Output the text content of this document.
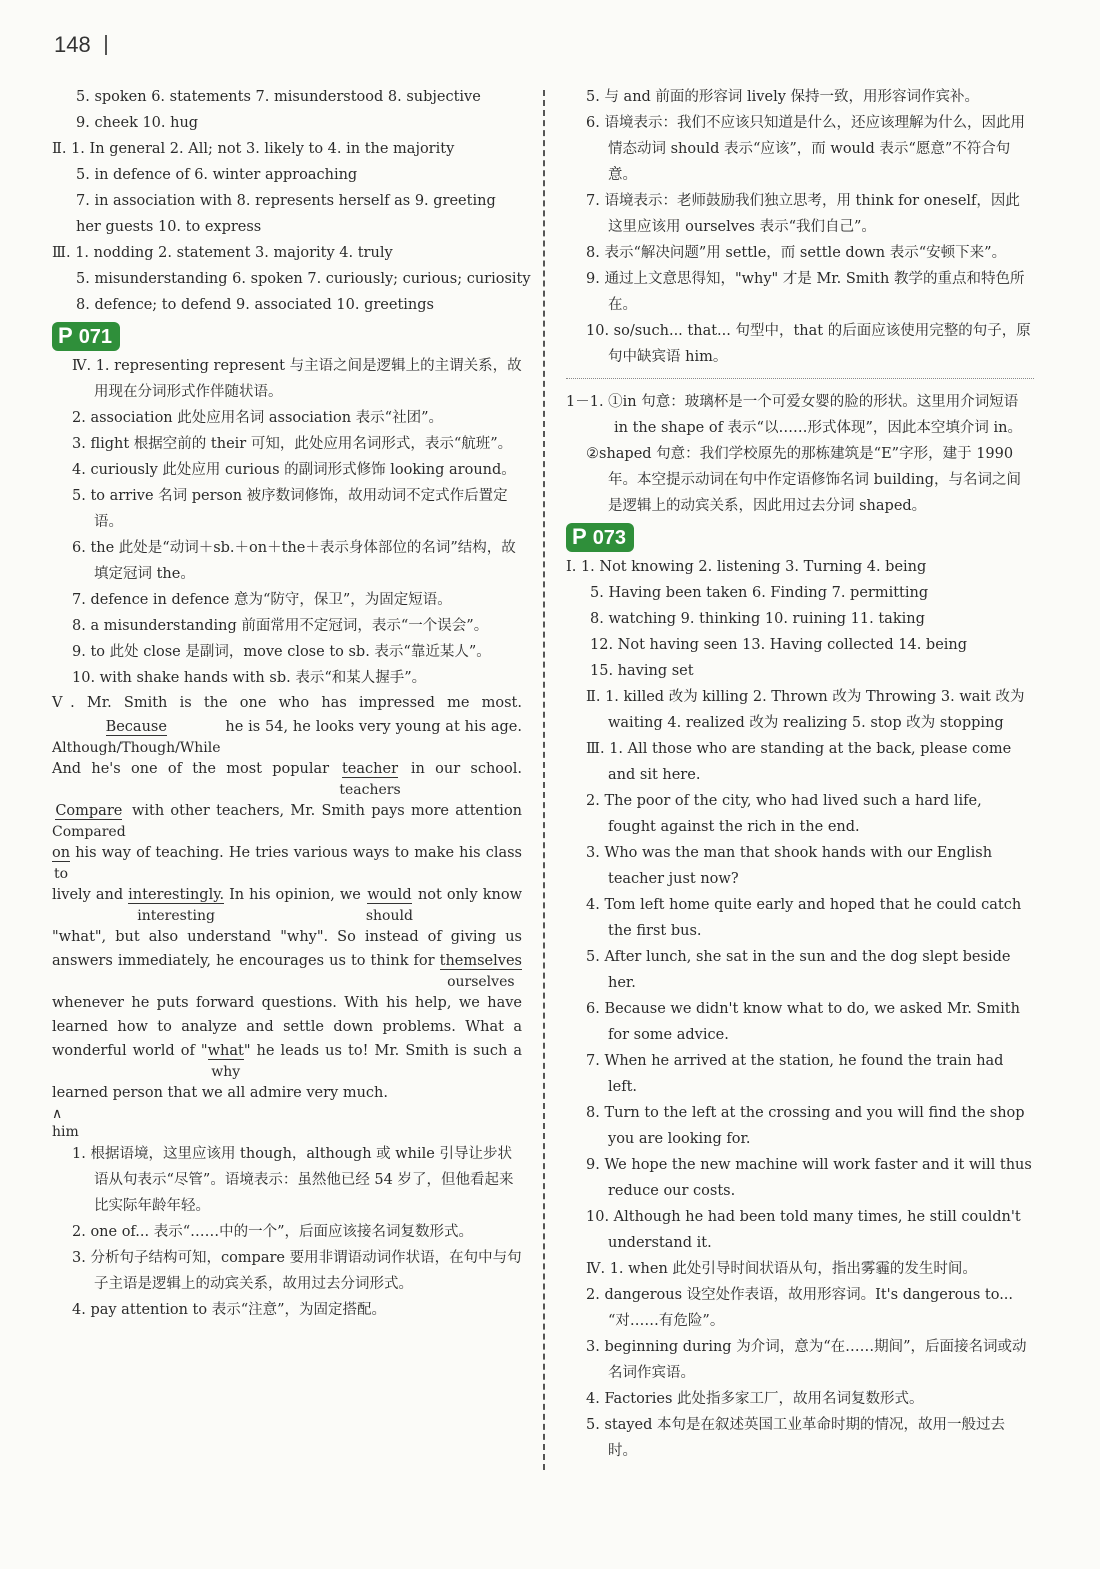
148
5. spoken 6. statements 7. misunderstood 8. subjective
9. cheek 10. hug
Ⅱ. 1. In general 2. All; not 3. likely to 4. in the majority
5. in defence of 6. winter approaching
7. in association with 8. represents herself as 9. greeting
her guests 10. to express
Ⅲ. 1. nodding 2. statement 3. majority 4. truly
5. misunderstanding 6. spoken 7. curiously; curious; curiosity
8. defence; to defend 9. associated 10. greetings
P 071
Ⅳ. 1. representing represent 与主语之间是逻辑上的主谓关系，故用现在分词形式作伴随状语。
2. association 此处应用名词 association 表示“社团”。
3. flight 根据空前的 their 可知，此处应用名词形式，表示“航班”。
4. curiously 此处应用 curious 的副词形式修饰 looking around。
5. to arrive 名词 person 被序数词修饰，故用动词不定式作后置定语。
6. the 此处是“动词＋sb.＋on＋the＋表示身体部位的名词”结构，故填定冠词 the。
7. defence in defence 意为“防守，保卫”，为固定短语。
8. a misunderstanding 前面常用不定冠词，表示“一个误会”。
9. to 此处 close 是副词，move close to sb. 表示“靠近某人”。
10. with shake hands with sb. 表示“和某人握手”。
Ⅴ. Mr. Smith is the one who has impressed me most. Because
Although/Though/While
he is 54, he looks very young at his age. And he's one of the most popular teacher
teachers
in our school. Compare
Compared
with other teachers, Mr. Smith pays more attention $\frac{on}{to}$ his way of teaching. He tries various ways to make his class lively and interestingly.
interesting
In his opinion, we would
should
not only know "what", but also understand "why". So instead of giving us answers immediately, he encourages us to think for themselves
ourselves
whenever he puts forward questions. With his help, we have learned how to analyze and settle down problems. What a wonderful world of "what
why
" he leads us to! Mr. Smith is such a learned person that we all admire very much.
∧
him
1. 根据语境，这里应该用 though，although 或 while 引导让步状语从句表示“尽管”。语境表示：虽然他已经 54 岁了，但他看起来比实际年龄年轻。
2. one of... 表示“……中的一个”，后面应该接名词复数形式。
3. 分析句子结构可知，compare 要用非谓语动词作状语，在句中与句子主语是逻辑上的动宾关系，故用过去分词形式。
4. pay attention to 表示“注意”，为固定搭配。
5. 与 and 前面的形容词 lively 保持一致，用形容词作宾补。
6. 语境表示：我们不应该只知道是什么，还应该理解为什么，因此用情态动词 should 表示“应该”，而 would 表示“愿意”不符合句意。
7. 语境表示：老师鼓励我们独立思考，用 think for oneself，因此这里应该用 ourselves 表示“我们自己”。
8. 表示“解决问题”用 settle，而 settle down 表示“安顿下来”。
9. 通过上文意思得知，"why" 才是 Mr. Smith 教学的重点和特色所在。
10. so/such... that... 句型中，that 的后面应该使用完整的句子，原句中缺宾语 him。
1－1. ①in 句意：玻璃杯是一个可爱女婴的脸的形状。这里用介词短语 in the shape of 表示“以……形式体现”，因此本空填介词 in。
②shaped 句意：我们学校原先的那栋建筑是“E”字形，建于 1990 年。本空提示动词在句中作定语修饰名词 building，与名词之间是逻辑上的动宾关系，因此用过去分词 shaped。
P 073
Ⅰ. 1. Not knowing 2. listening 3. Turning 4. being
5. Having been taken 6. Finding 7. permitting
8. watching 9. thinking 10. ruining 11. taking
12. Not having seen 13. Having collected 14. being
15. having set
Ⅱ. 1. killed 改为 killing 2. Thrown 改为 Throwing 3. wait 改为 waiting 4. realized 改为 realizing 5. stop 改为 stopping
Ⅲ. 1. All those who are standing at the back, please come and sit here.
2. The poor of the city, who had lived such a hard life, fought against the rich in the end.
3. Who was the man that shook hands with our English teacher just now?
4. Tom left home quite early and hoped that he could catch the first bus.
5. After lunch, she sat in the sun and the dog slept beside her.
6. Because we didn't know what to do, we asked Mr. Smith for some advice.
7. When he arrived at the station, he found the train had left.
8. Turn to the left at the crossing and you will find the shop you are looking for.
9. We hope the new machine will work faster and it will thus reduce our costs.
10. Although he had been told many times, he still couldn't understand it.
Ⅳ. 1. when 此处引导时间状语从句，指出雾霾的发生时间。
2. dangerous 设空处作表语，故用形容词。It's dangerous to... “对……有危险”。
3. beginning during 为介词，意为“在……期间”，后面接名词或动名词作宾语。
4. Factories 此处指多家工厂，故用名词复数形式。
5. stayed 本句是在叙述英国工业革命时期的情况，故用一般过去时。
